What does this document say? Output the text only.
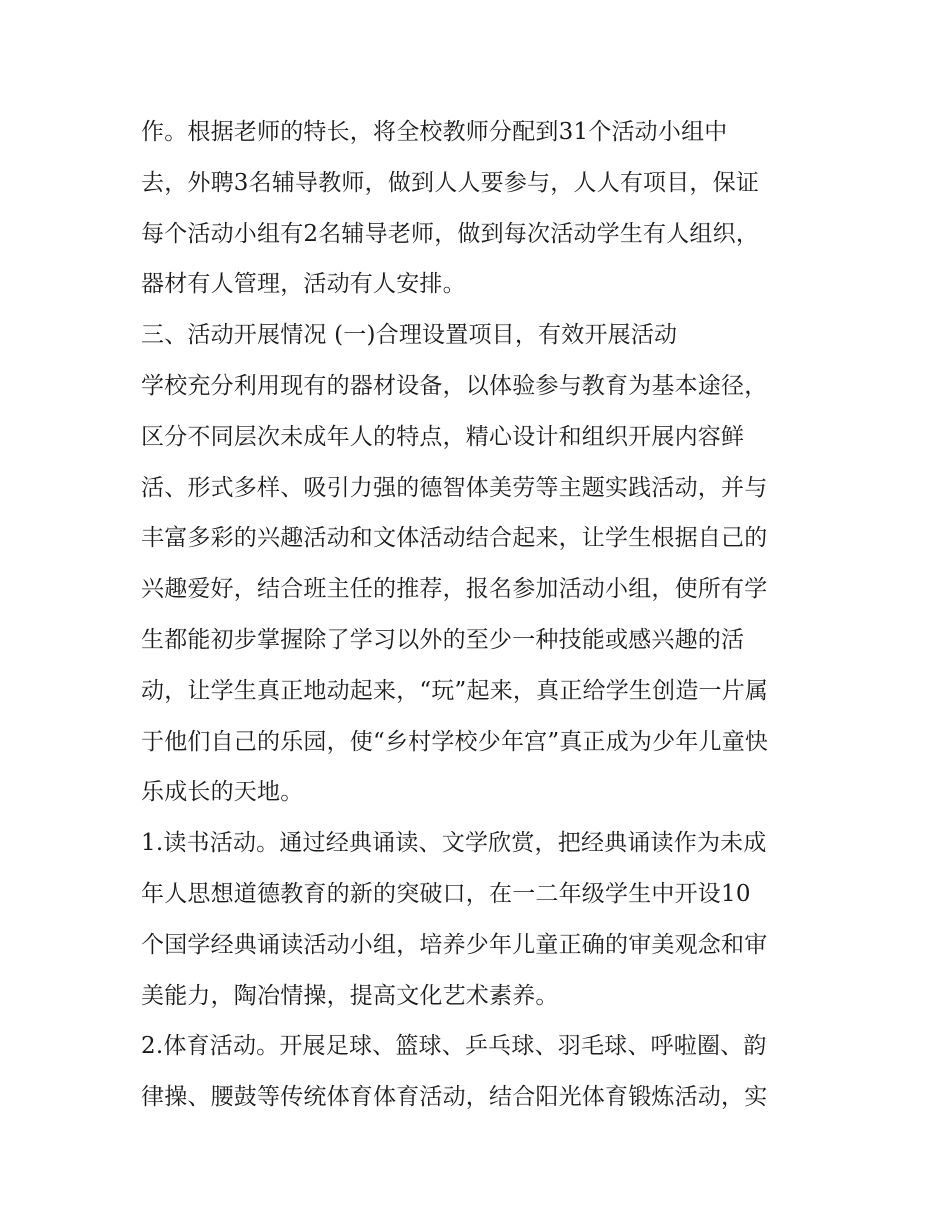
作。根据老师的特长，将全校教师分配到31个活动小组中
去，外聘3名辅导教师，做到人人要参与，人人有项目，保证
每个活动小组有2名辅导老师，做到每次活动学生有人组织，
器材有人管理，活动有人安排。
三、活动开展情况 (一)合理设置项目，有效开展活动
学校充分利用现有的器材设备，以体验参与教育为基本途径，
区分不同层次未成年人的特点，精心设计和组织开展内容鲜
活、形式多样、吸引力强的德智体美劳等主题实践活动，并与
丰富多彩的兴趣活动和文体活动结合起来，让学生根据自己的
兴趣爱好，结合班主任的推荐，报名参加活动小组，使所有学
生都能初步掌握除了学习以外的至少一种技能或感兴趣的活
动，让学生真正地动起来，“玩”起来，真正给学生创造一片属
于他们自己的乐园，使“乡村学校少年宫”真正成为少年儿童快
乐成长的天地。
1.读书活动。通过经典诵读、文学欣赏，把经典诵读作为未成
年人思想道德教育的新的突破口，在一二年级学生中开设10
个国学经典诵读活动小组，培养少年儿童正确的审美观念和审
美能力，陶冶情操，提高文化艺术素养。
2.体育活动。开展足球、篮球、乒乓球、羽毛球、呼啦圈、韵
律操、腰鼓等传统体育体育活动，结合阳光体育锻炼活动，实
